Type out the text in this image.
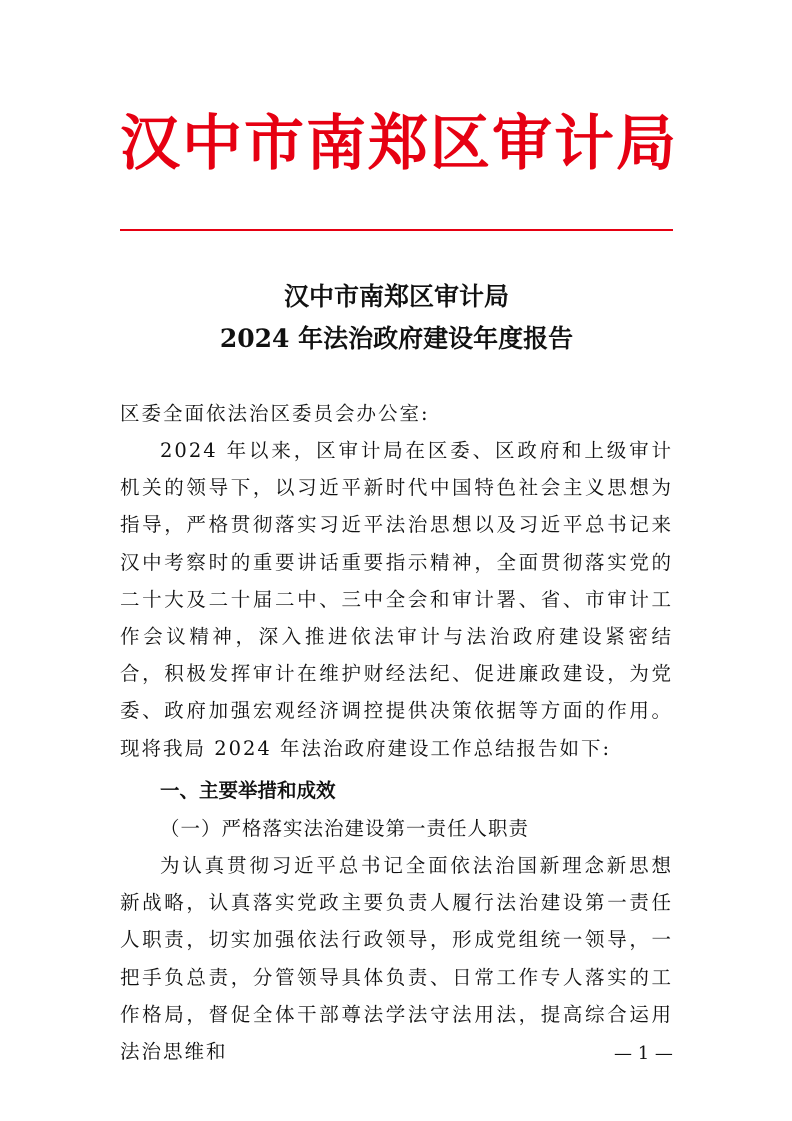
汉中市南郑区审计局
汉中市南郑区审计局
2024 年法治政府建设年度报告
区委全面依法治区委员会办公室:
2024 年以来，区审计局在区委、区政府和上级审计机关的领导下，以习近平新时代中国特色社会主义思想为指导，严格贯彻落实习近平法治思想以及习近平总书记来汉中考察时的重要讲话重要指示精神，全面贯彻落实党的二十大及二十届二中、三中全会和审计署、省、市审计工作会议精神，深入推进依法审计与法治政府建设紧密结合，积极发挥审计在维护财经法纪、促进廉政建设，为党委、政府加强宏观经济调控提供决策依据等方面的作用。现将我局 2024 年法治政府建设工作总结报告如下:
一、主要举措和成效
（一）严格落实法治建设第一责任人职责
为认真贯彻习近平总书记全面依法治国新理念新思想新战略，认真落实党政主要负责人履行法治建设第一责任人职责，切实加强依法行政领导，形成党组统一领导，一把手负总责，分管领导具体负责、日常工作专人落实的工作格局，督促全体干部尊法学法守法用法，提高综合运用法治思维和	— 1 —
